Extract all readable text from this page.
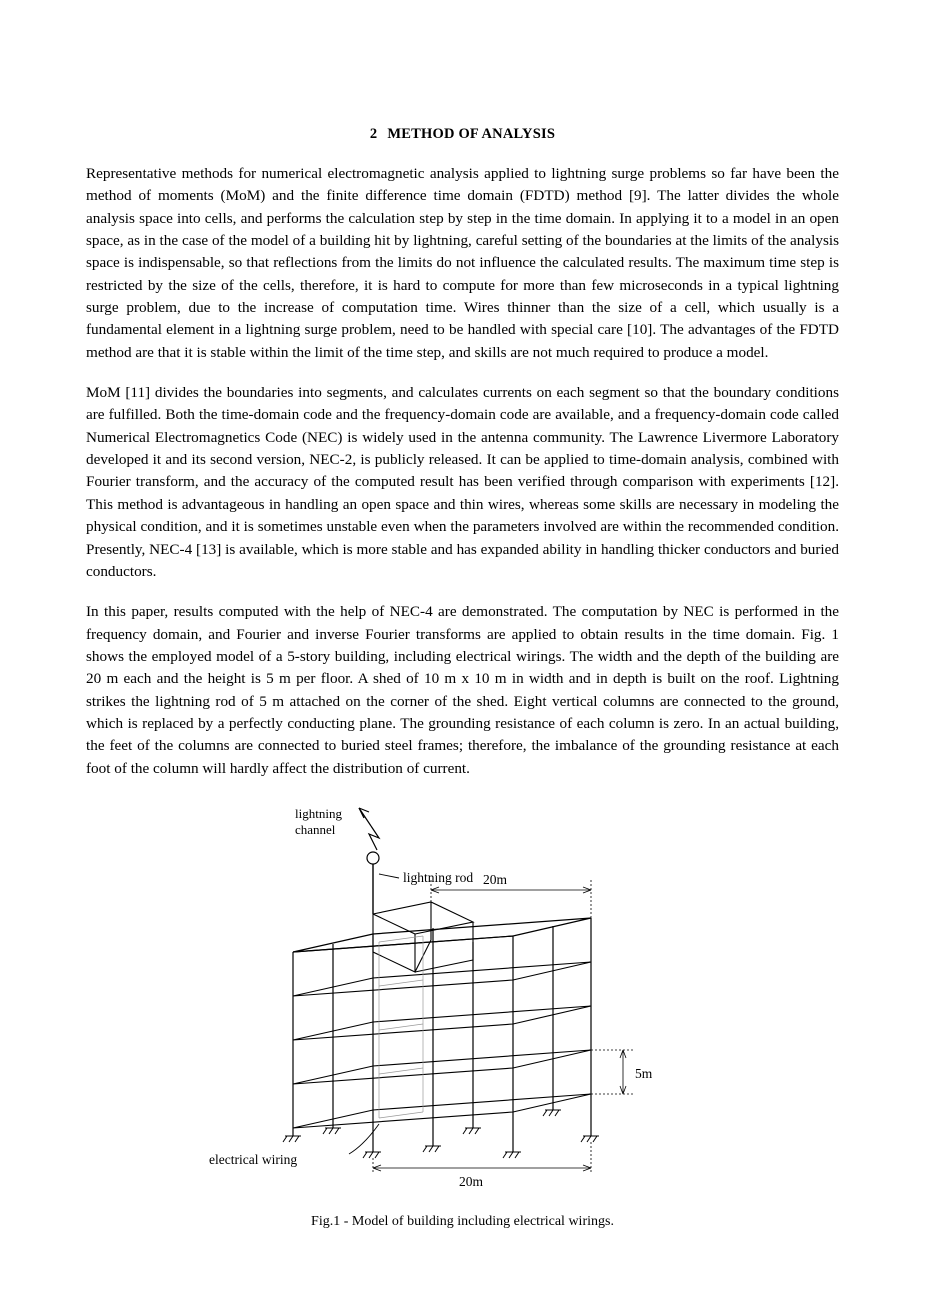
2 METHOD OF ANALYSIS

Representative methods for numerical electromagnetic analysis applied to lightning surge problems so far have been the method of moments (MoM) and the finite difference time domain (FDTD) method [9]. The latter divides the whole analysis space into cells, and performs the calculation step by step in the time domain. In applying it to a model in an open space, as in the case of the model of a building hit by lightning, careful setting of the boundaries at the limits of the analysis space is indispensable, so that reflections from the limits do not influence the calculated results. The maximum time step is restricted by the size of the cells, therefore, it is hard to compute for more than few microseconds in a typical lightning surge problem, due to the increase of computation time. Wires thinner than the size of a cell, which usually is a fundamental element in a lightning surge problem, need to be handled with special care [10]. The advantages of the FDTD method are that it is stable within the limit of the time step, and skills are not much required to produce a model.

MoM [11] divides the boundaries into segments, and calculates currents on each segment so that the boundary conditions are fulfilled. Both the time-domain code and the frequency-domain code are available, and a frequency-domain code called Numerical Electromagnetics Code (NEC) is widely used in the antenna community. The Lawrence Livermore Laboratory developed it and its second version, NEC-2, is publicly released. It can be applied to time-domain analysis, combined with Fourier transform, and the accuracy of the computed result has been verified through comparison with experiments [12]. This method is advantageous in handling an open space and thin wires, whereas some skills are necessary in modeling the physical condition, and it is sometimes unstable even when the parameters involved are within the recommended condition. Presently, NEC-4 [13] is available, which is more stable and has expanded ability in handling thicker conductors and buried conductors.

In this paper, results computed with the help of NEC-4 are demonstrated. The computation by NEC is performed in the frequency domain, and Fourier and inverse Fourier transforms are applied to obtain results in the time domain. Fig. 1 shows the employed model of a 5-story building, including electrical wirings. The width and the depth of the building are 20 m each and the height is 5 m per floor. A shed of 10 m x 10 m in width and in depth is built on the roof. Lightning strikes the lightning rod of 5 m attached on the corner of the shed. Eight vertical columns are connected to the ground, which is replaced by a perfectly conducting plane. The grounding resistance of each column is zero. In an actual building, the feet of the columns are connected to buried steel frames; therefore, the imbalance of the grounding resistance at each foot of the column will hardly affect the distribution of current.

lightning
channel
lightning rod 20m
5m
20m
electrical wiring
Fig.1 - Model of building including electrical wirings.
